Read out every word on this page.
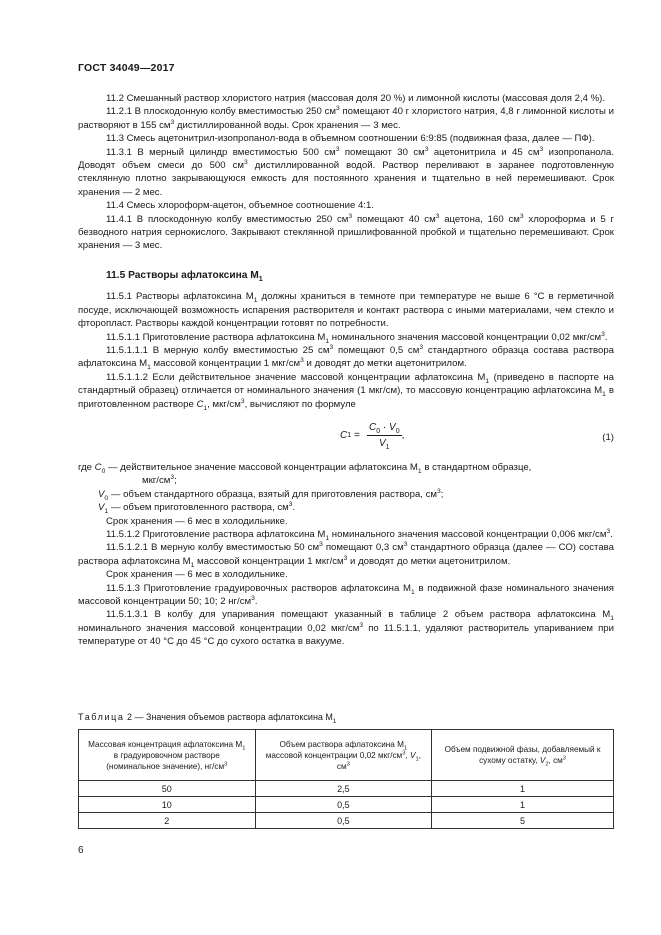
ГОСТ 34049—2017

11.2 Смешанный раствор хлористого натрия (массовая доля 20 %) и лимонной кислоты (массовая доля 2,4 %).

11.2.1 В плоскодонную колбу вместимостью 250 $см^3$ помещают 40 г хлористого натрия, 4,8 г лимонной кислоты и растворяют в 155 $см^3$ дистиллированной воды. Срок хранения — 3 мес.

11.3 Смесь ацетонитрил-изопропанол-вода в объемном соотношении 6:9:85 (подвижная фаза, далее — ПФ).

11.3.1 В мерный цилиндр вместимостью 500 $см^3$ помещают 30 $см^3$ ацетонитрила и 45 $см^3$ изопропанола. Доводят объем смеси до 500 $см^3$ дистиллированной водой. Раствор переливают в заранее подготовленную стеклянную плотно закрывающуюся емкость для постоянного хранения и тщательно в ней перемешивают. Срок хранения — 2 мес.

11.4 Смесь хлороформ-ацетон, объемное соотношение 4:1.

11.4.1 В плоскодонную колбу вместимостью 250 $см^3$ помещают 40 $см^3$ ацетона, 160 $см^3$ хлороформа и 5 г безводного натрия сернокислого. Закрывают стеклянной пришлифованной пробкой и тщательно перемешивают. Срок хранения — 3 мес.

11.5 Растворы афлатоксина $М_1$

11.5.1 Растворы афлатоксина $М_1$ должны храниться в темноте при температуре не выше 6 °С в герметичной посуде, исключающей возможность испарения растворителя и контакт раствора с иными материалами, чем стекло и фторопласт. Растворы каждой концентрации готовят по потребности.

11.5.1.1 Приготовление раствора афлатоксина $М_1$ номинального значения массовой концентрации 0,02 мкг/$см^3$.

11.5.1.1.1 В мерную колбу вместимостью 25 $см^3$ помещают 0,5 $см^3$ стандартного образца состава раствора афлатоксина $М_1$ массовой концентрации 1 мкг/$см^3$ и доводят до метки ацетонитрилом.

11.5.1.1.2 Если действительное значение массовой концентрации афлатоксина $М_1$ (приведено в паспорте на стандартный образец) отличается от номинального значения (1 мкг/см), то массовую концентрацию афлатоксина $М_1$ в приготовленном растворе $C_1$, мкг/$см^3$, вычисляют по формуле

C $1 = \frac{C_0 \cdot V_0}{V_1}$ ,	(1)

где $C_0$ — действительное значение массовой концентрации афлатоксина $М_1$ в стандартном образце,

мкг/$см^3$;

$V_0$ — объем стандартного образца, взятый для приготовления раствора, $см^3$;

$V_1$ — объем приготовленного раствора, $см^3$.

Срок хранения — 6 мес в холодильнике.

11.5.1.2 Приготовление раствора афлатоксина $М_1$ номинального значения массовой концентрации 0,006 мкг/$см^3$.

11.5.1.2.1 В мерную колбу вместимостью 50 $см^3$ помещают 0,3 $см^3$ стандартного образца (далее — СО) состава раствора афлатоксина $М_1$ массовой концентрации 1 мкг/$см^3$ и доводят до метки ацетонитрилом.

Срок хранения — 6 мес в холодильнике.

11.5.1.3 Приготовление градуировочных растворов афлатоксина $М_1$ в подвижной фазе номинального значения массовой концентрации 50; 10; 2 $нг/см^3$.

11.5.1.3.1 В колбу для упаривания помещают указанный в таблице 2 объем раствора афлатоксина $М_1$ номинального значения массовой концентрации 0,02 мкг/$см^3$ по 11.5.1.1, удаляют растворитель упариванием при температуре от 40 °С до 45 °С до сухого остатка в вакууме.

Таблица 2 — Значения объемов раствора афлатоксина $М_1$
Массовая концентрация афлатоксина $М_1$ в градуировочном растворе (номинальное значение), $нг/см^3$	Объем раствора афлатоксина $М_1$ массовой концентрации 0,02 мкг/$см^3$, $V_1$, $см^3$	Объем подвижной фазы, добавляемый к сухому остатку, $V_2$, $см^3$
50	2,5	1
10	0,5	1
2	0,5	5
6
